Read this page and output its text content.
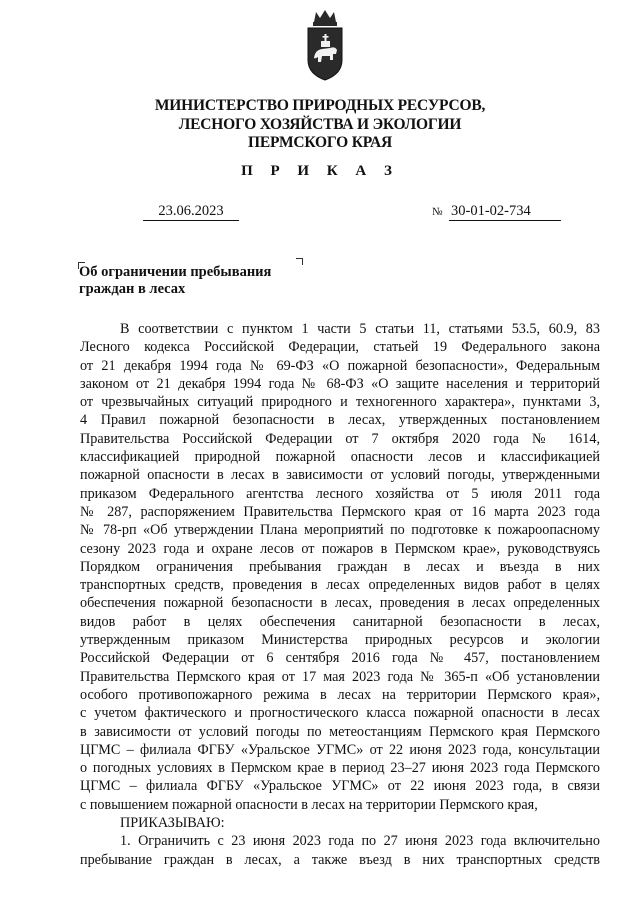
МИНИСТЕРСТВО ПРИРОДНЫХ РЕСУРСОВ,
ЛЕСНОГО ХОЗЯЙСТВА И ЭКОЛОГИИ
ПЕРМСКОГО КРАЯ
П Р И К А З
23.06.2023	№ 30-01-02-734
Об ограничении пребывания
граждан в лесах
В соответствии с пунктом 1 части 5 статьи 11, статьями 53.5, 60.9, 83
Лесного кодекса Российской Федерации, статьей 19 Федерального закона
от 21 декабря 1994 года № 69-ФЗ «О пожарной безопасности», Федеральным
законом от 21 декабря 1994 года № 68-ФЗ «О защите населения и территорий
от чрезвычайных ситуаций природного и техногенного характера», пунктами 3,
4 Правил пожарной безопасности в лесах, утвержденных постановлением
Правительства Российской Федерации от 7 октября 2020 года № 1614,
классификацией природной пожарной опасности лесов и классификацией
пожарной опасности в лесах в зависимости от условий погоды, утвержденными
приказом Федерального агентства лесного хозяйства от 5 июля 2011 года
№ 287, распоряжением Правительства Пермского края от 16 марта 2023 года
№ 78-рп «Об утверждении Плана мероприятий по подготовке к пожароопасному
сезону 2023 года и охране лесов от пожаров в Пермском крае», руководствуясь
Порядком ограничения пребывания граждан в лесах и въезда в них
транспортных средств, проведения в лесах определенных видов работ в целях
обеспечения пожарной безопасности в лесах, проведения в лесах определенных
видов работ в целях обеспечения санитарной безопасности в лесах,
утвержденным приказом Министерства природных ресурсов и экологии
Российской Федерации от 6 сентября 2016 года № 457, постановлением
Правительства Пермского края от 17 мая 2023 года № 365-п «Об установлении
особого противопожарного режима в лесах на территории Пермского края»,
с учетом фактического и прогностического класса пожарной опасности в лесах
в зависимости от условий погоды по метеостанциям Пермского края Пермского
ЦГМС – филиала ФГБУ «Уральское УГМС» от 22 июня 2023 года, консультации
о погодных условиях в Пермском крае в период 23–27 июня 2023 года Пермского
ЦГМС – филиала ФГБУ «Уральское УГМС» от 22 июня 2023 года, в связи
с повышением пожарной опасности в лесах на территории Пермского края,
ПРИКАЗЫВАЮ:
1. Ограничить с 23 июня 2023 года по 27 июня 2023 года включительно
пребывание граждан в лесах, а также въезд в них транспортных средств
